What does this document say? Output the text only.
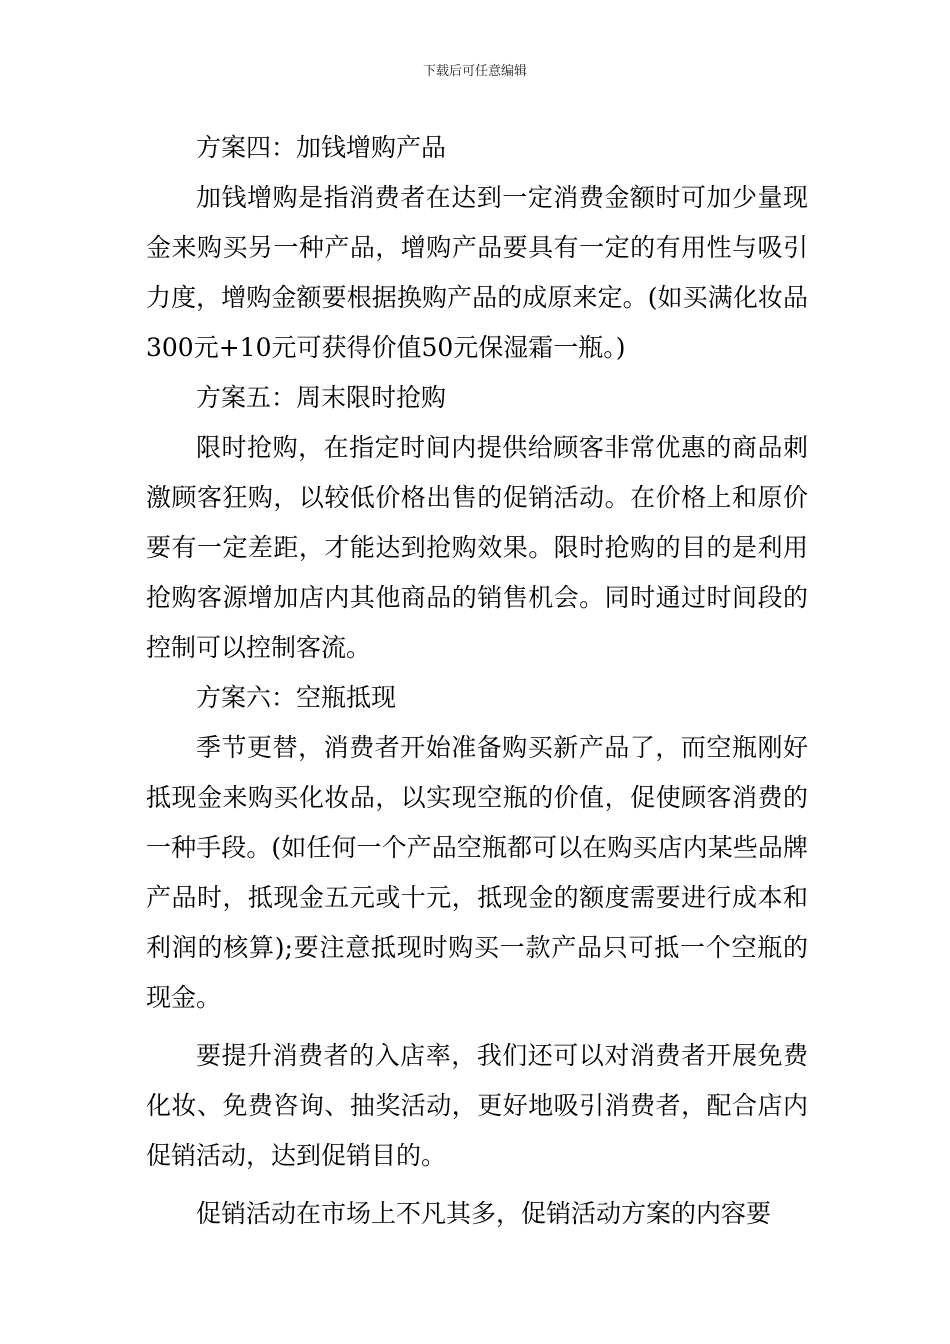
下载后可任意编辑

方案四：加钱增购产品

加钱增购是指消费者在达到一定消费金额时可加少量现金来购买另一种产品，增购产品要具有一定的有用性与吸引力度，增购金额要根据换购产品的成原来定。(如买满化妆品300元+10元可获得价值50元保湿霜一瓶。)

方案五：周末限时抢购

限时抢购，在指定时间内提供给顾客非常优惠的商品刺激顾客狂购，以较低价格出售的促销活动。在价格上和原价要有一定差距，才能达到抢购效果。限时抢购的目的是利用抢购客源增加店内其他商品的销售机会。同时通过时间段的控制可以控制客流。

方案六：空瓶抵现

季节更替，消费者开始准备购买新产品了，而空瓶刚好抵现金来购买化妆品，以实现空瓶的价值，促使顾客消费的一种手段。(如任何一个产品空瓶都可以在购买店内某些品牌产品时，抵现金五元或十元，抵现金的额度需要进行成本和利润的核算);要注意抵现时购买一款产品只可抵一个空瓶的现金。

要提升消费者的入店率，我们还可以对消费者开展免费化妆、免费咨询、抽奖活动，更好地吸引消费者，配合店内促销活动，达到促销目的。

促销活动在市场上不凡其多，促销活动方案的内容要
